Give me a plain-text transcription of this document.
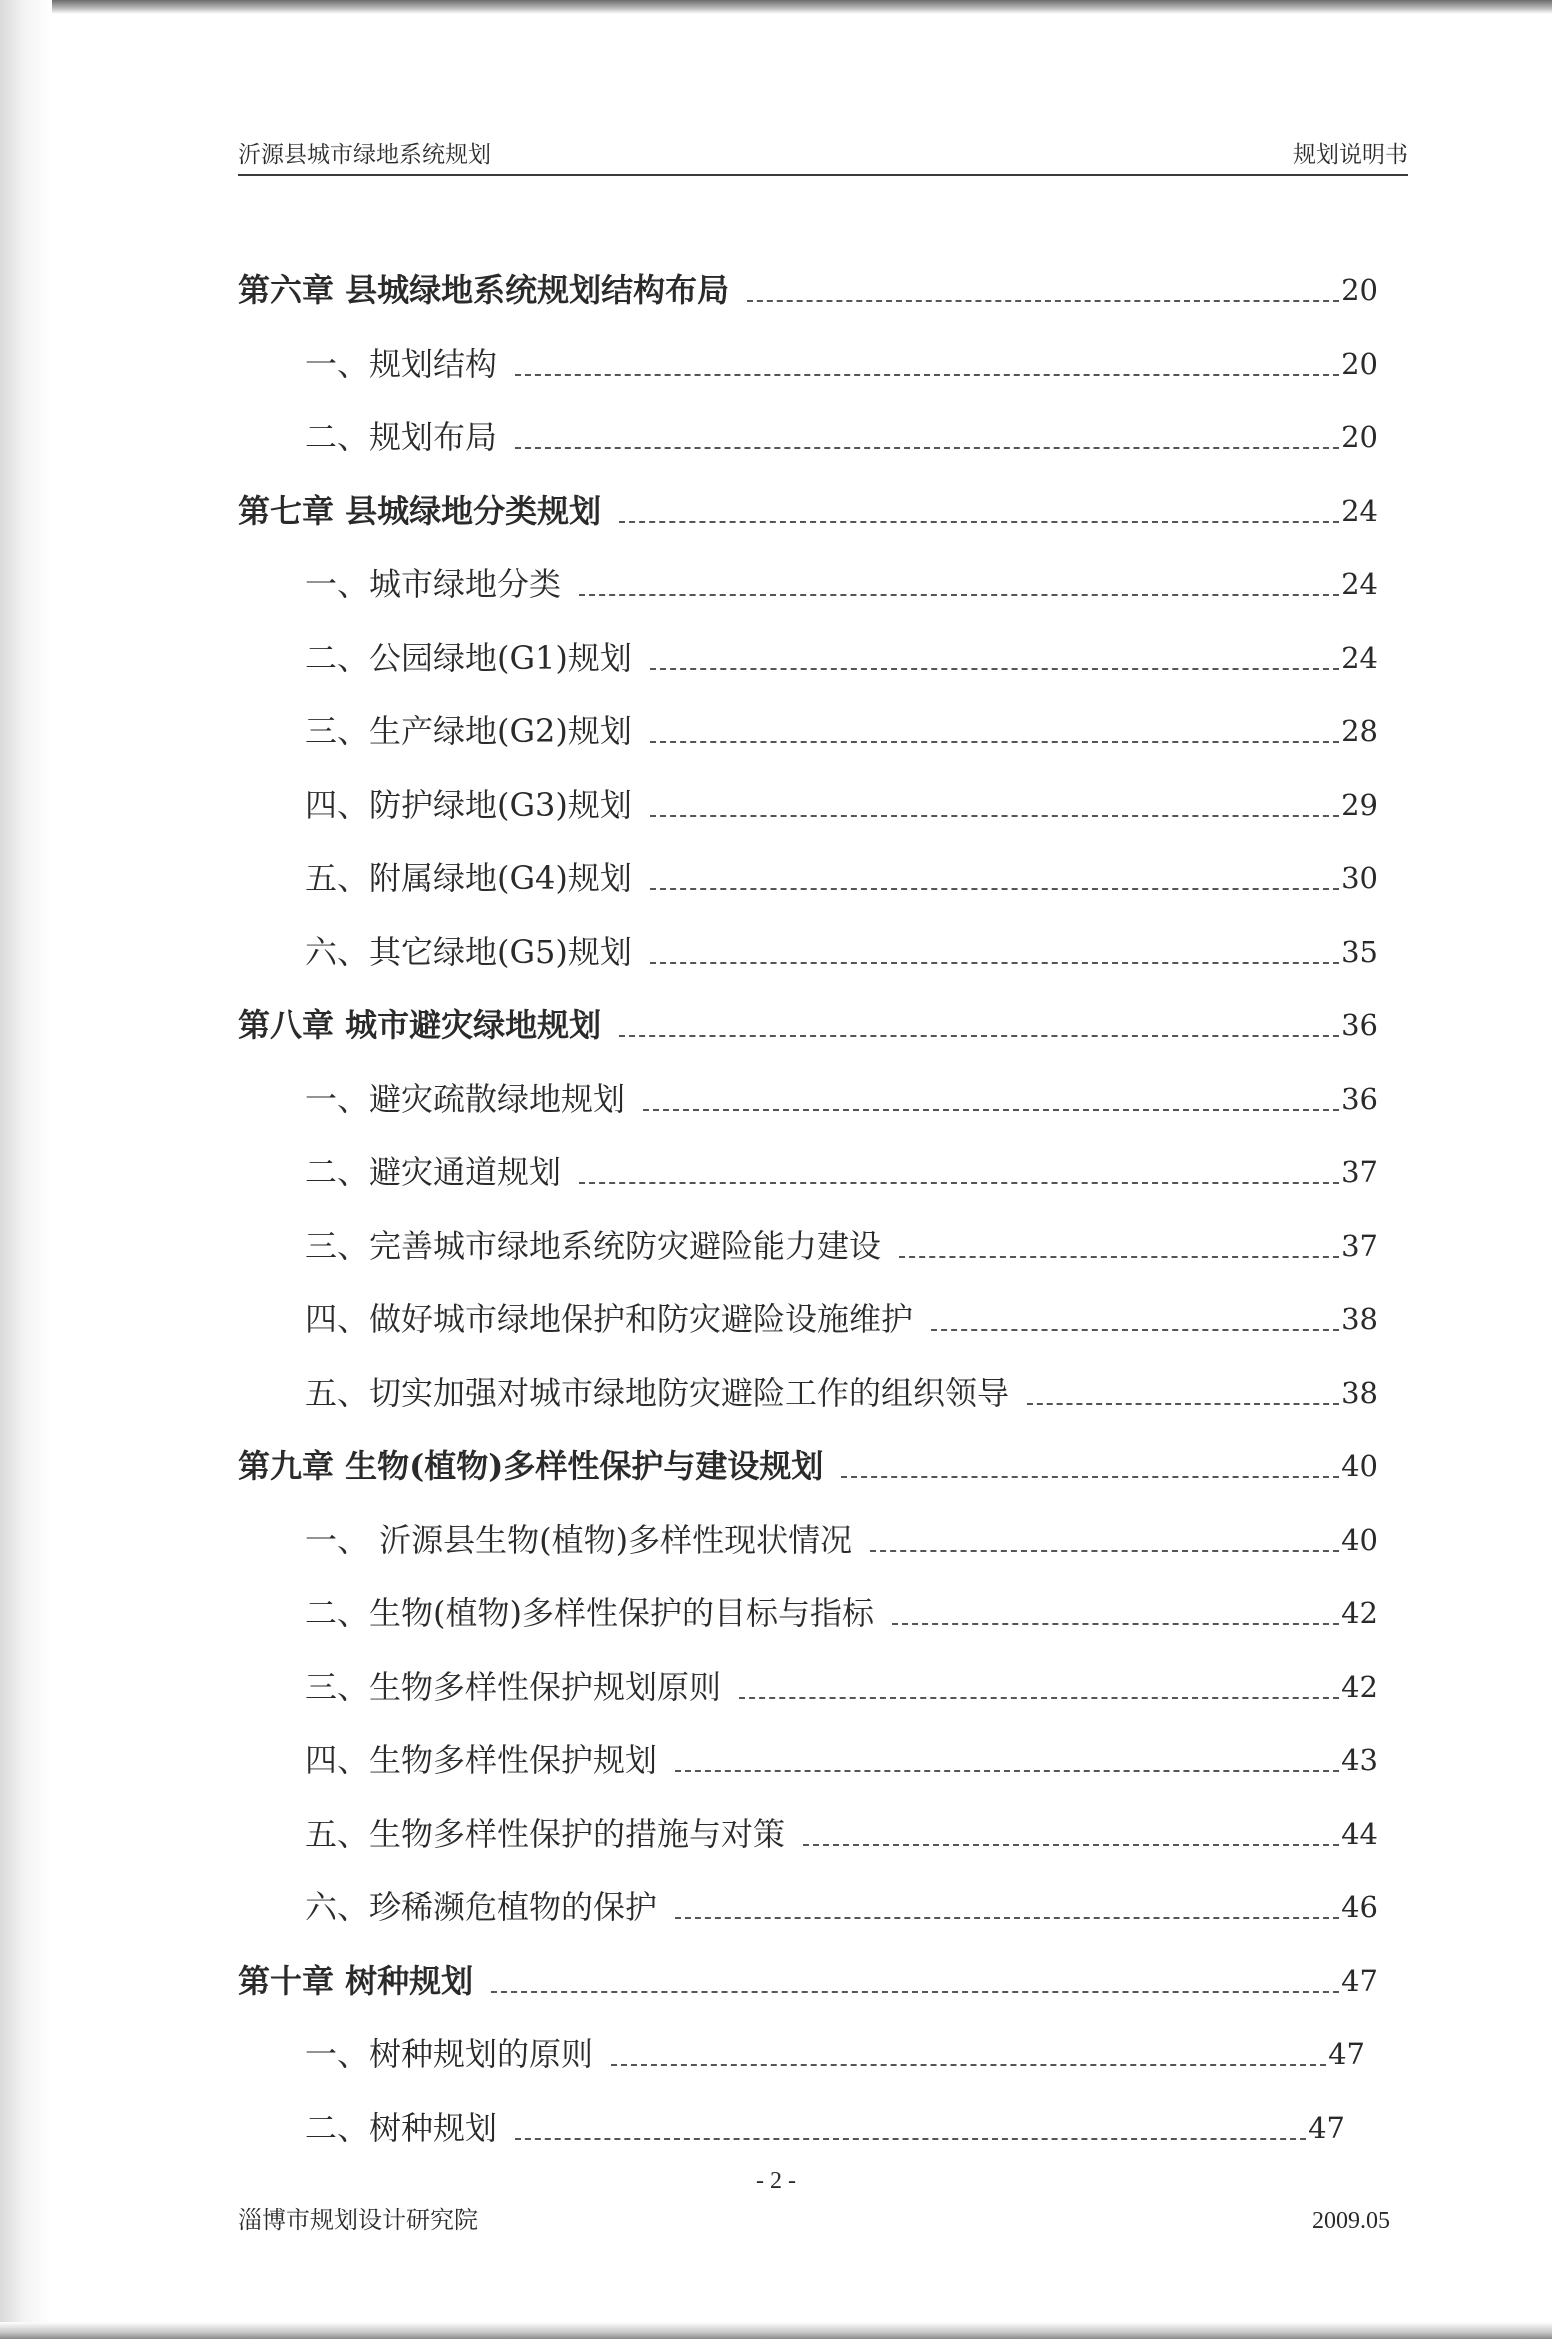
沂源县城市绿地系统规划	规划说明书
第六章 县城绿地系统规划结构布局	20
一、规划结构	20
二、规划布局	20
第七章 县城绿地分类规划	24
一、城市绿地分类	24
二、公园绿地(G1)规划	24
三、生产绿地(G2)规划	28
四、防护绿地(G3)规划	29
五、附属绿地(G4)规划	30
六、其它绿地(G5)规划	35
第八章 城市避灾绿地规划	36
一、避灾疏散绿地规划	36
二、避灾通道规划	37
三、完善城市绿地系统防灾避险能力建设	37
四、做好城市绿地保护和防灾避险设施维护	38
五、切实加强对城市绿地防灾避险工作的组织领导	38
第九章 生物(植物)多样性保护与建设规划	40
一、 沂源县生物(植物)多样性现状情况	40
二、生物(植物)多样性保护的目标与指标	42
三、生物多样性保护规划原则	42
四、生物多样性保护规划	43
五、生物多样性保护的措施与对策	44
六、珍稀濒危植物的保护	46
第十章 树种规划	47
一、树种规划的原则	47
二、树种规划	47
- 2 -
淄博市规划设计研究院	2009.05
